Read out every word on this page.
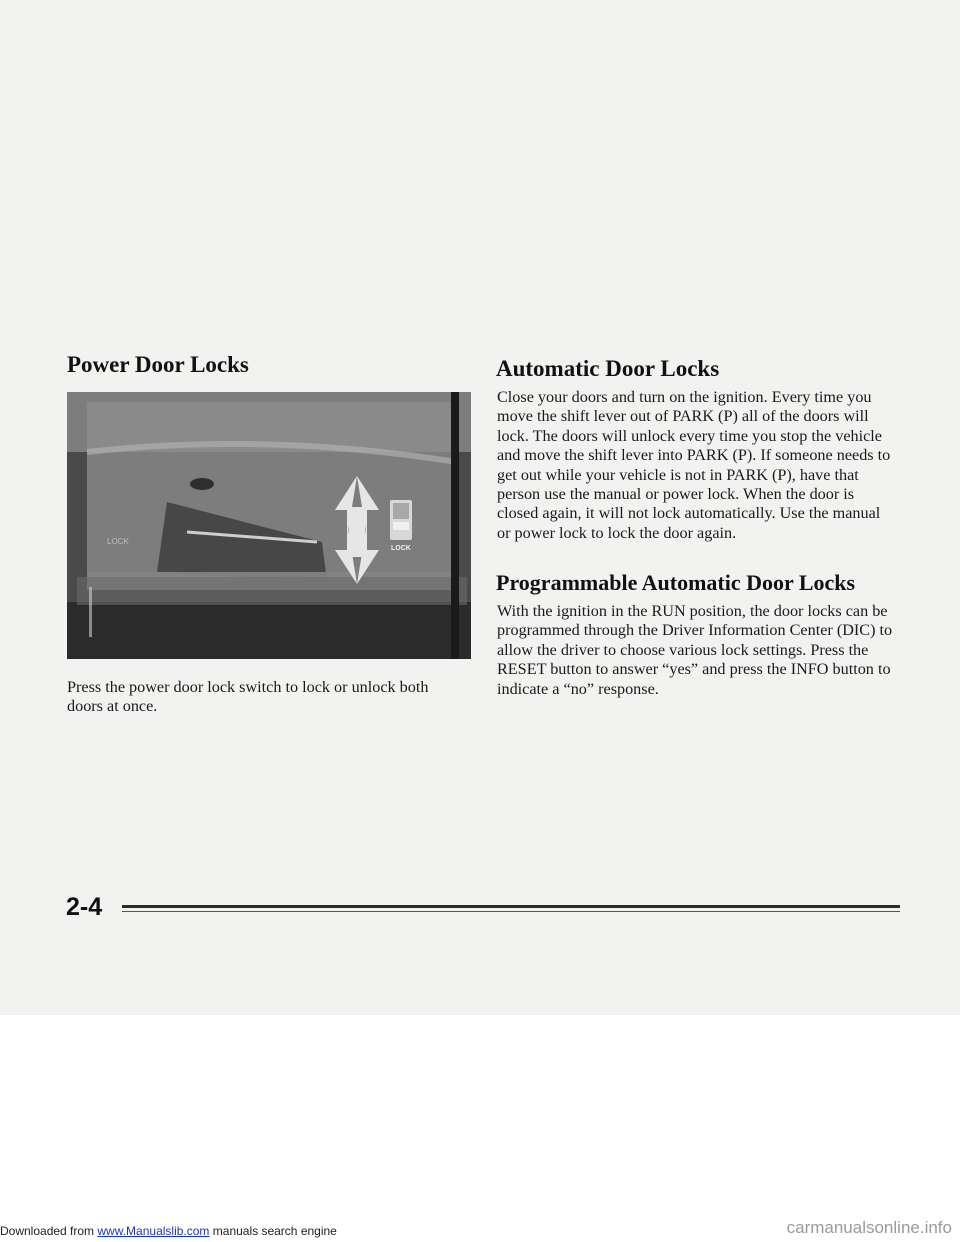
Power Door Locks
LOCK
LOCK

Press the power door lock switch to lock or unlock both doors at once.

Automatic Door Locks

Close your doors and turn on the ignition. Every time you move the shift lever out of PARK (P) all of the doors will lock. The doors will unlock every time you stop the vehicle and move the shift lever into PARK (P). If someone needs to get out while your vehicle is not in PARK (P), have that person use the manual or power lock. When the door is closed again, it will not lock automatically. Use the manual or power lock to lock the door again.

Programmable Automatic Door Locks

With the ignition in the RUN position, the door locks can be programmed through the Driver Information Center (DIC) to allow the driver to choose various lock settings. Press the RESET button to answer “yes” and press the INFO button to indicate a “no” response.

2-4

Downloaded from www.Manualslib.com manuals search engine	carmanualsonline.info
